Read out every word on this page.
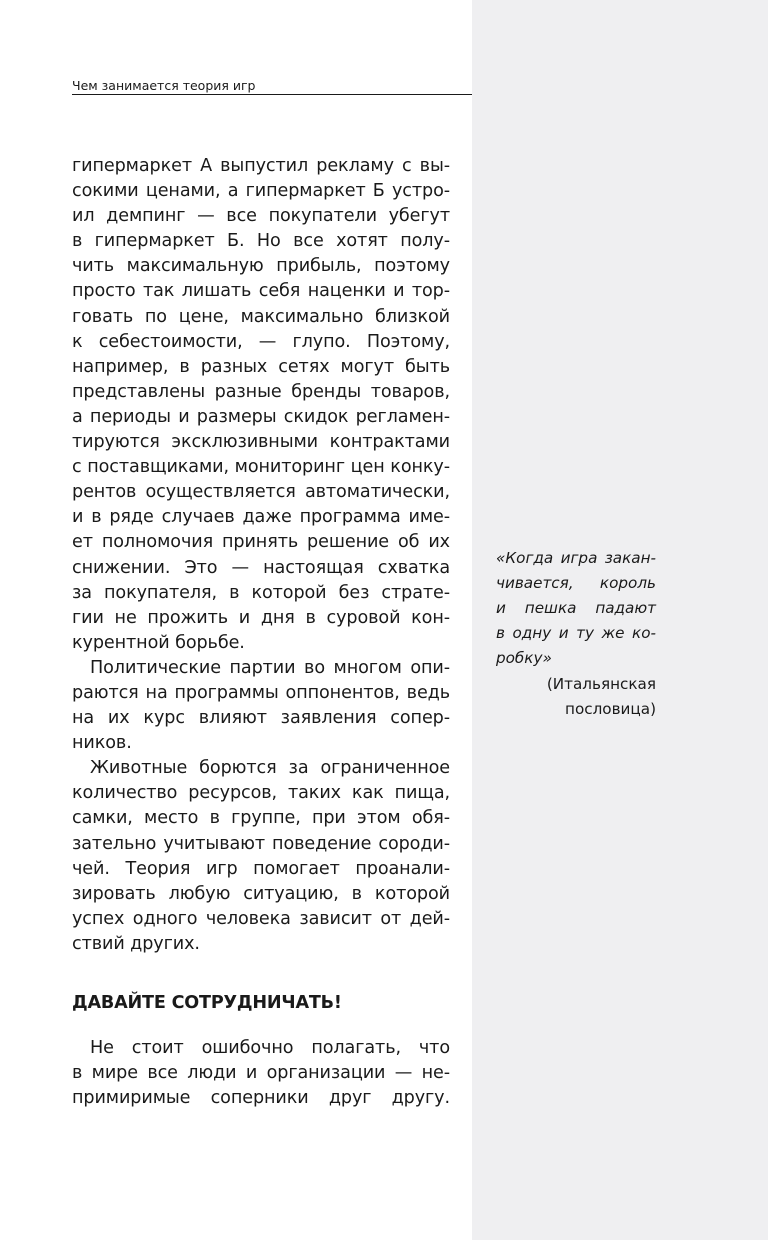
Чем занимается теория игр
гипермаркет А выпустил рекламу с вы-
сокими ценами, а гипермаркет Б устро-
ил демпинг — все покупатели убегут
в гипермаркет Б. Но все хотят полу-
чить максимальную прибыль, поэтому
просто так лишать себя наценки и тор-
говать по цене, максимально близкой
к себестоимости, — глупо. Поэтому,
например, в разных сетях могут быть
представлены разные бренды товаров,
а периоды и размеры скидок регламен-
тируются эксклюзивными контрактами
с поставщиками, мониторинг цен конку-
рентов осуществляется автоматически,
и в ряде случаев даже программа име-
ет полномочия принять решение об их
снижении. Это — настоящая схватка
за покупателя, в которой без страте-
гии не прожить и дня в суровой кон-
курентной борьбе.
Политические партии во многом опи-
раются на программы оппонентов, ведь
на их курс влияют заявления сопер-
ников.
Животные борются за ограниченное
количество ресурсов, таких как пища,
самки, место в группе, при этом обя-
зательно учитывают поведение сороди-
чей. Теория игр помогает проанали-
зировать любую ситуацию, в которой
успех одного человека зависит от дей-
ствий других.
ДАВАЙТЕ СОТРУДНИЧАТЬ!
Не стоит ошибочно полагать, что
в мире все люди и организации — не-
примиримые соперники друг другу.
«Когда игра закан-
чивается, король
и пешка падают
в одну и ту же ко-
робку»
(Итальянская
пословица)
